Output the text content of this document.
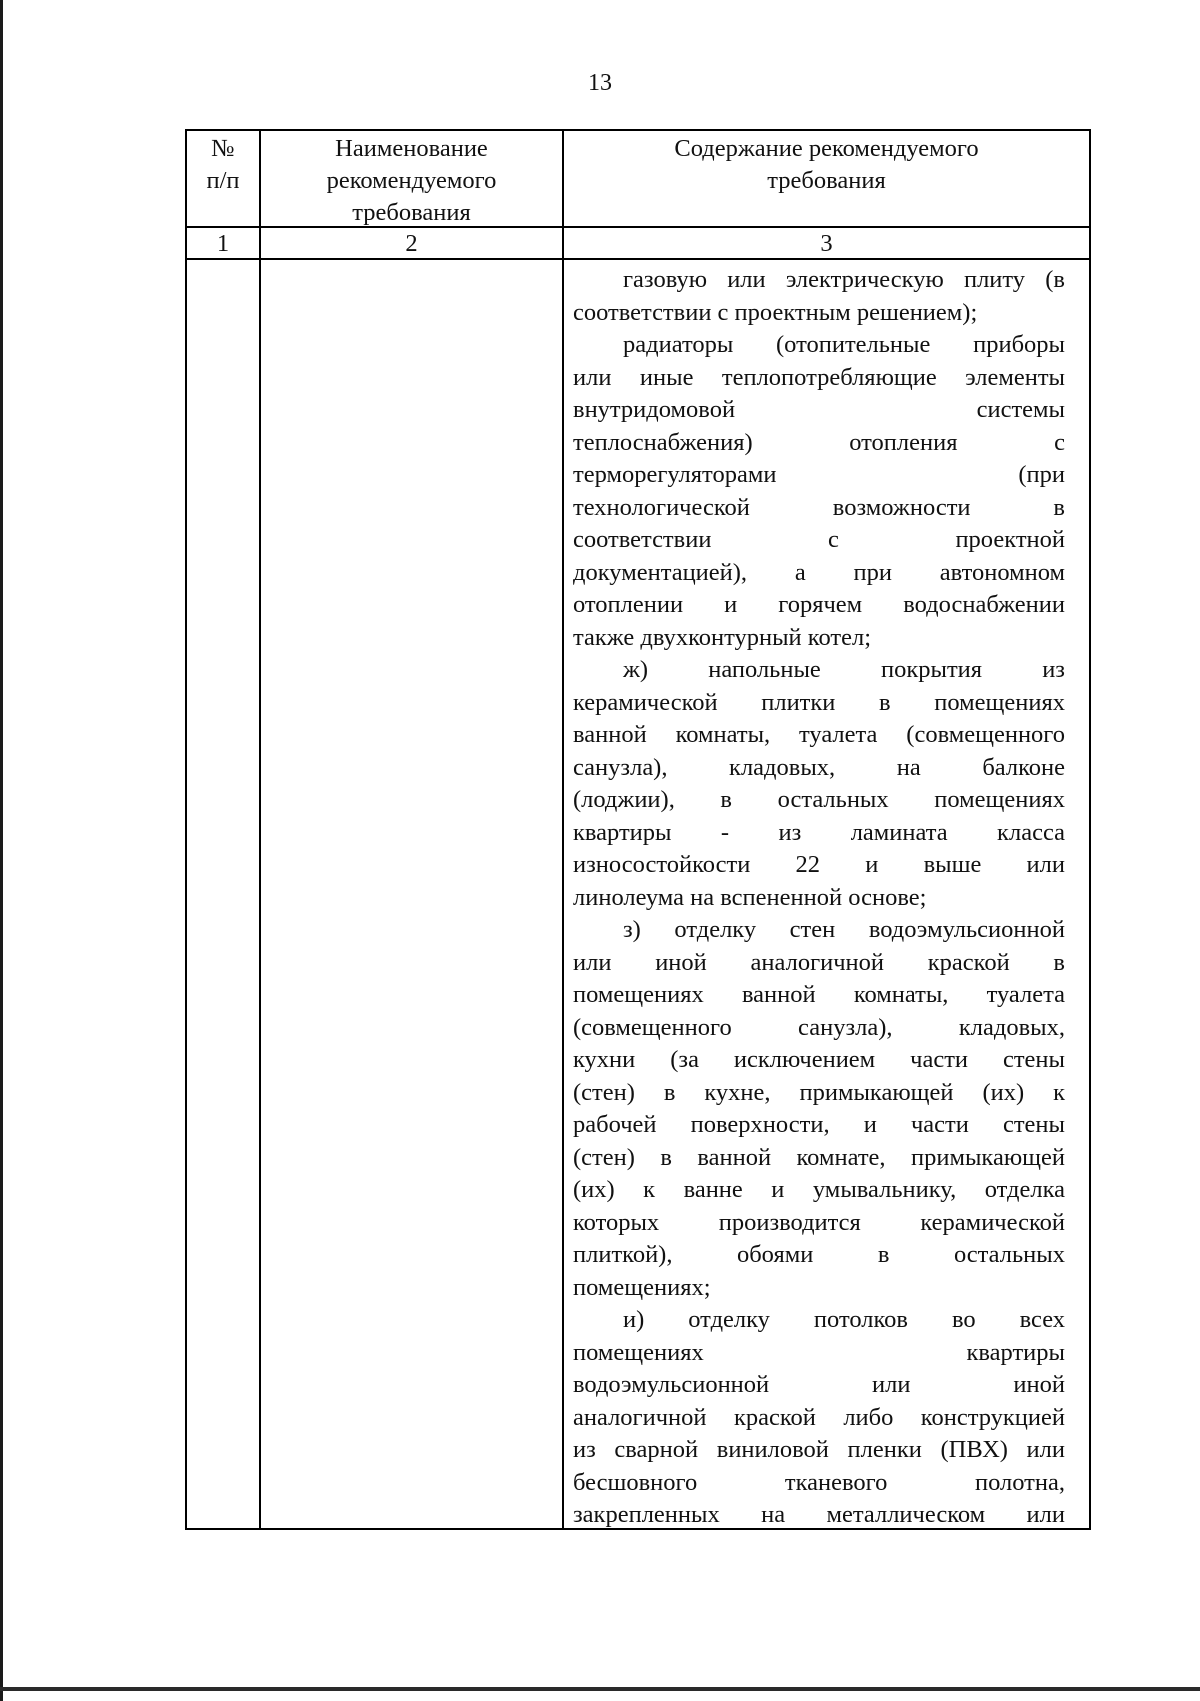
13
№
п/п
Наименование
рекомендуемого
требования
Содержание рекомендуемого
требования
1	2	3
газовую или электрическую плиту (в
соответствии с проектным решением);
радиаторы (отопительные приборы
или иные теплопотребляющие элементы
внутридомовой системы
теплоснабжения) отопления с
терморегуляторами (при
технологической возможности в
соответствии с проектной
документацией), а при автономном
отоплении и горячем водоснабжении
также двухконтурный котел;
ж) напольные покрытия из
керамической плитки в помещениях
ванной комнаты, туалета (совмещенного
санузла), кладовых, на балконе
(лоджии), в остальных помещениях
квартиры - из ламината класса
износостойкости 22 и выше или
линолеума на вспененной основе;
з) отделку стен водоэмульсионной
или иной аналогичной краской в
помещениях ванной комнаты, туалета
(совмещенного санузла), кладовых,
кухни (за исключением части стены
(стен) в кухне, примыкающей (их) к
рабочей поверхности, и части стены
(стен) в ванной комнате, примыкающей
(их) к ванне и умывальнику, отделка
которых производится керамической
плиткой), обоями в остальных
помещениях;
и) отделку потолков во всех
помещениях квартиры
водоэмульсионной или иной
аналогичной краской либо конструкцией
из сварной виниловой пленки (ПВХ) или
бесшовного тканевого полотна,
закрепленных на металлическом или
